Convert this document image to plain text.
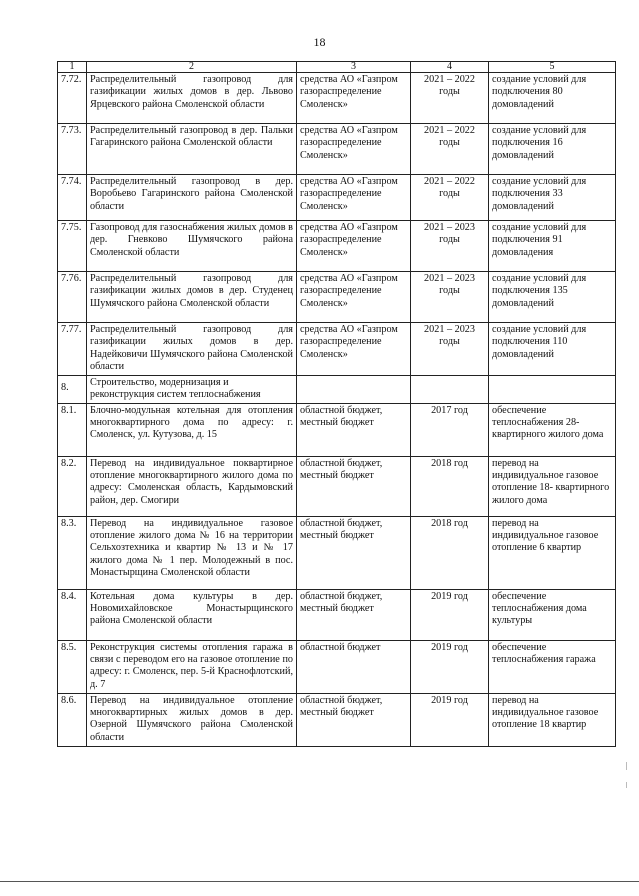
18
1	2	3	4	5
7.72.	Распределительный газопровод для газификации жилых домов в дер. Львово Ярцевского района Смоленской области	средства АО «Газпром газораспределение Смоленск»	2021 – 2022 годы	создание условий для подключения 80 домовладений
7.73.	Распределительный газопровод в дер. Пальки Гагаринского района Смоленской области	средства АО «Газпром газораспределение Смоленск»	2021 – 2022 годы	создание условий для подключения 16 домовладений
7.74.	Распределительный газопровод в дер. Воробьево Гагаринского района Смоленской области	средства АО «Газпром газораспределение Смоленск»	2021 – 2022 годы	создание условий для подключения 33 домовладений
7.75.	Газопровод для газоснабжения жилых домов в дер. Гневково Шумячского района Смоленской области	средства АО «Газпром газораспределение Смоленск»	2021 – 2023 годы	создание условий для подключения 91 домовладения
7.76.	Распределительный газопровод для газификации жилых домов в дер. Студенец Шумячского района Смоленской области	средства АО «Газпром газораспределение Смоленск»	2021 – 2023 годы	создание условий для подключения 135 домовладений
7.77.	Распределительный газопровод для газификации жилых домов в дер. Надейковичи Шумячского района Смоленской области	средства АО «Газпром газораспределение Смоленск»	2021 – 2023 годы	создание условий для подключения 110 домовладений
8.	Строительство, модернизация и реконструкция систем теплоснабжения			
8.1.	Блочно-модульная котельная для отопления многоквартирного дома по адресу: г. Смоленск, ул. Кутузова, д. 15	областной бюджет, местный бюджет	2017 год	обеспечение теплоснабжения 28-квартирного жилого дома
8.2.	Перевод на индивидуальное поквартирное отопление многоквартирного жилого дома по адресу: Смоленская область, Кардымовский район, дер. Смогири	областной бюджет, местный бюджет	2018 год	перевод на индивидуальное газовое отопление 18- квартирного жилого дома
8.3.	Перевод на индивидуальное газовое отопление жилого дома № 16 на территории Сельхозтехника и квартир № 13 и № 17 жилого дома № 1 пер. Молодежный в пос. Монастырщина Смоленской области	областной бюджет, местный бюджет	2018 год	перевод на индивидуальное газовое отопление 6 квартир
8.4.	Котельная дома культуры в дер. Новомихайловское Монастырщинского района Смоленской области	областной бюджет, местный бюджет	2019 год	обеспечение теплоснабжения дома культуры
8.5.	Реконструкция системы отопления гаража в связи с переводом его на газовое отопление по адресу: г. Смоленск, пер. 5-й Краснофлотский, д. 7	областной бюджет	2019 год	обеспечение теплоснабжения гаража
8.6.	Перевод на индивидуальное отопление многоквартирных жилых домов в дер. Озерной Шумячского района Смоленской области	областной бюджет, местный бюджет	2019 год	перевод на индивидуальное газовое отопление 18 квартир
